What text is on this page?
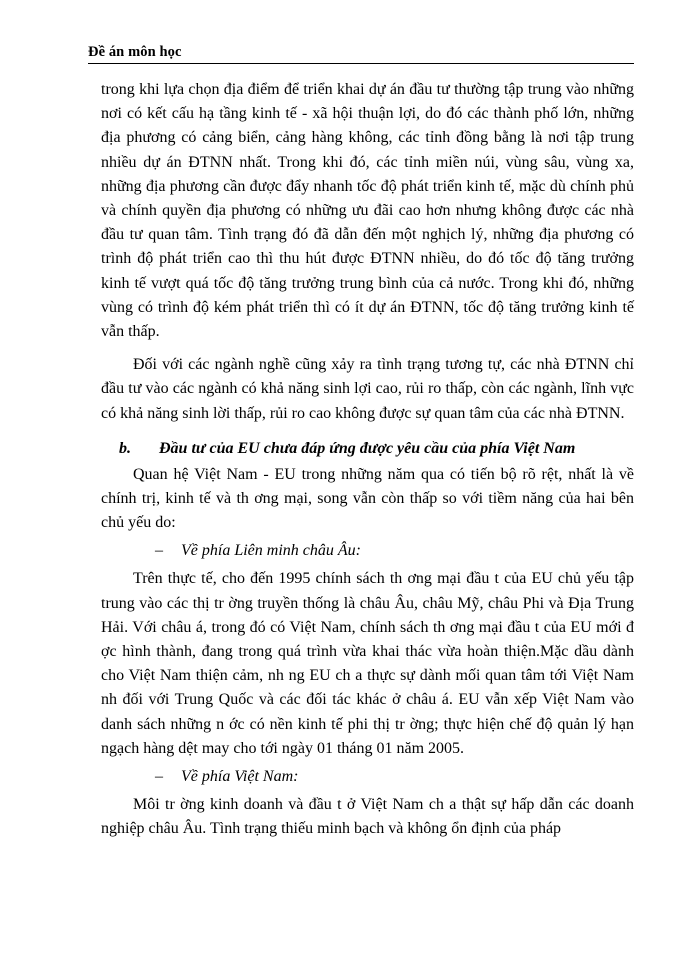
Đề án môn học

trong khi lựa chọn địa điểm để triển khai dự án đầu tư thường tập trung vào những nơi có kết cấu hạ tầng kinh tế - xã hội thuận lợi, do đó các thành phố lớn, những địa phương có cảng biển, cảng hàng không, các tỉnh đồng bằng là nơi tập trung nhiều dự án ĐTNN nhất. Trong khi đó, các tỉnh miền núi, vùng sâu, vùng xa, những địa phương cần được đẩy nhanh tốc độ phát triển kinh tế, mặc dù chính phủ và chính quyền địa phương có những ưu đãi cao hơn nhưng không được các nhà đầu tư quan tâm. Tình trạng đó đã dẫn đến một nghịch lý, những địa phương có trình độ phát triển cao thì thu hút được ĐTNN nhiều, do đó tốc độ tăng trưởng kinh tế vượt quá tốc độ tăng trưởng trung bình của cả nước. Trong khi đó, những vùng có trình độ kém phát triển thì có ít dự án ĐTNN, tốc độ tăng trưởng kinh tế vẫn thấp.

Đối với các ngành nghề cũng xảy ra tình trạng tương tự, các nhà ĐTNN chỉ đầu tư vào các ngành có khả năng sinh lợi cao, rủi ro thấp, còn các ngành, lĩnh vực có khả năng sinh lời thấp, rủi ro cao không được sự quan tâm của các nhà ĐTNN.

b. Đầu tư của EU chưa đáp ứng được yêu cầu của phía Việt Nam

Quan hệ Việt Nam - EU trong những năm qua có tiến bộ rõ rệt, nhất là về chính trị, kinh tế và th ơng mại, song vẫn còn thấp so với tiềm năng của hai bên chủ yếu do:

– Về phía Liên minh châu Âu:

Trên thực tế, cho đến 1995 chính sách th ơng mại đầu t của EU chủ yếu tập trung vào các thị tr ờng truyền thống là châu Âu, châu Mỹ, châu Phi và Địa Trung Hải. Với châu á, trong đó có Việt Nam, chính sách th ơng mại đầu t của EU mới đ ợc hình thành, đang trong quá trình vừa khai thác vừa hoàn thiện.Mặc dầu dành cho Việt Nam thiện cảm, nh ng EU ch a thực sự dành mối quan tâm tới Việt Nam nh đối với Trung Quốc và các đối tác khác ở châu á. EU vẫn xếp Việt Nam vào danh sách những n ớc có nền kinh tế phi thị tr ờng; thực hiện chế độ quản lý hạn ngạch hàng dệt may cho tới ngày 01 tháng 01 năm 2005.

– Về phía Việt Nam:

Môi tr ờng kinh doanh và đầu t ở Việt Nam ch a thật sự hấp dẫn các doanh nghiệp châu Âu. Tình trạng thiếu minh bạch và không ổn định của pháp
